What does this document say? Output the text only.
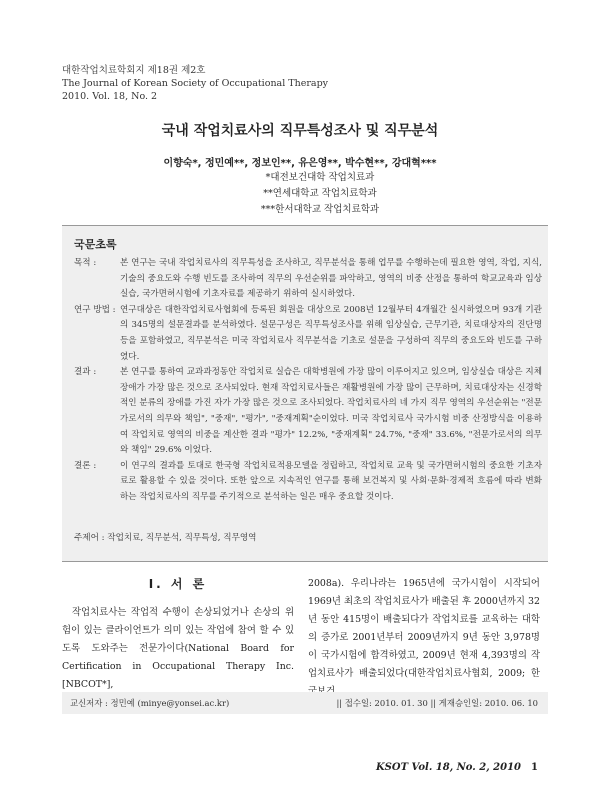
대한작업치료학회지 제18권 제2호
The Journal of Korean Society of Occupational Therapy
2010. Vol. 18, No. 2
국내 작업치료사의 직무특성조사 및 직무분석
이향숙*, 정민예**, 정보인**, 유은영**, 박수현**, 강대혁***
*대전보건대학 작업치료과
**연세대학교 작업치료학과
***한서대학교 작업치료학과
국문초록
목적 :	본 연구는 국내 작업치료사의 직무특성을 조사하고, 직무분석을 통해 업무를 수행하는데 필요한 영역, 작업, 지식, 기술의 중요도와 수행 빈도를 조사하여 직무의 우선순위를 파악하고, 영역의 비중 산정을 통하여 학교교육과 임상실습, 국가면허시험에 기초자료를 제공하기 위하여 실시하였다.
연구 방법 : 연구대상은 대한작업치료사협회에 등록된 회원을 대상으로 2008년 12월부터 4개월간 실시하였으며 93개 기관의 345명의 설문결과를 분석하였다. 설문구성은 직무특성조사를 위해 임상실습, 근무기관, 치료대상자의 진단명 등을 포함하였고, 직무분석은 미국 작업치료사 직무분석을 기초로 설문을 구성하여 직무의 중요도와 빈도를 구하였다.
결과 :	본 연구를 통하여 교과과정동안 작업치료 실습은 대학병원에 가장 많이 이루어지고 있으며, 임상실습 대상은 지체장애가 가장 많은 것으로 조사되었다. 현재 작업치료사들은 재활병원에 가장 많이 근무하며, 치료대상자는 신경학적인 분류의 장애를 가진 자가 가장 많은 것으로 조사되었다. 작업치료사의 네 가지 직무 영역의 우선순위는 "전문가로서의 의무와 책임", "중재", "평가", "중재계획"순이었다. 미국 작업치료사 국가시험 비중 산정방식을 이용하여 작업치료 영역의 비중을 계산한 결과 "평가" 12.2%, "중재계획" 24.7%, "중재" 33.6%, "전문가로서의 의무와 책임" 29.6% 이었다.
결론 :	이 연구의 결과를 토대로 한국형 작업치료적용모델을 정립하고, 작업치료 교육 및 국가면허시험의 중요한 기초자료로 활용할 수 있을 것이다. 또한 앞으로 지속적인 연구를 통해 보건복지 및 사회·문화·경제적 흐름에 따라 변화하는 작업치료사의 직무를 주기적으로 분석하는 일은 매우 중요할 것이다.
주제어 : 작업치료, 직무분석, 직무특성, 직무영역
Ⅰ. 서 론
작업치료사는 작업적 수행이 손상되었거나 손상의 위험이 있는 클라이언트가 의미 있는 작업에 참여 할 수 있도록 도와주는 전문가이다(National Board for Certification in Occupational Therapy Inc.[NBCOT*],
2008a). 우리나라는 1965년에 국가시험이 시작되어 1969년 최초의 작업치료사가 배출된 후 2000년까지 32년 동안 415명이 배출되다가 작업치료를 교육하는 대학의 증가로 2001년부터 2009년까지 9년 동안 3,978명이 국가시험에 합격하였고, 2009년 현재 4,393명의 작업치료사가 배출되었다(대한작업치료사협회, 2009; 한
교신저자 : 정민예 (minye@yonsei.ac.kr)	|| 접수일: 2010. 01. 30 || 게재승인일: 2010. 06. 10
KSOT Vol. 18, No. 2, 2010 1
